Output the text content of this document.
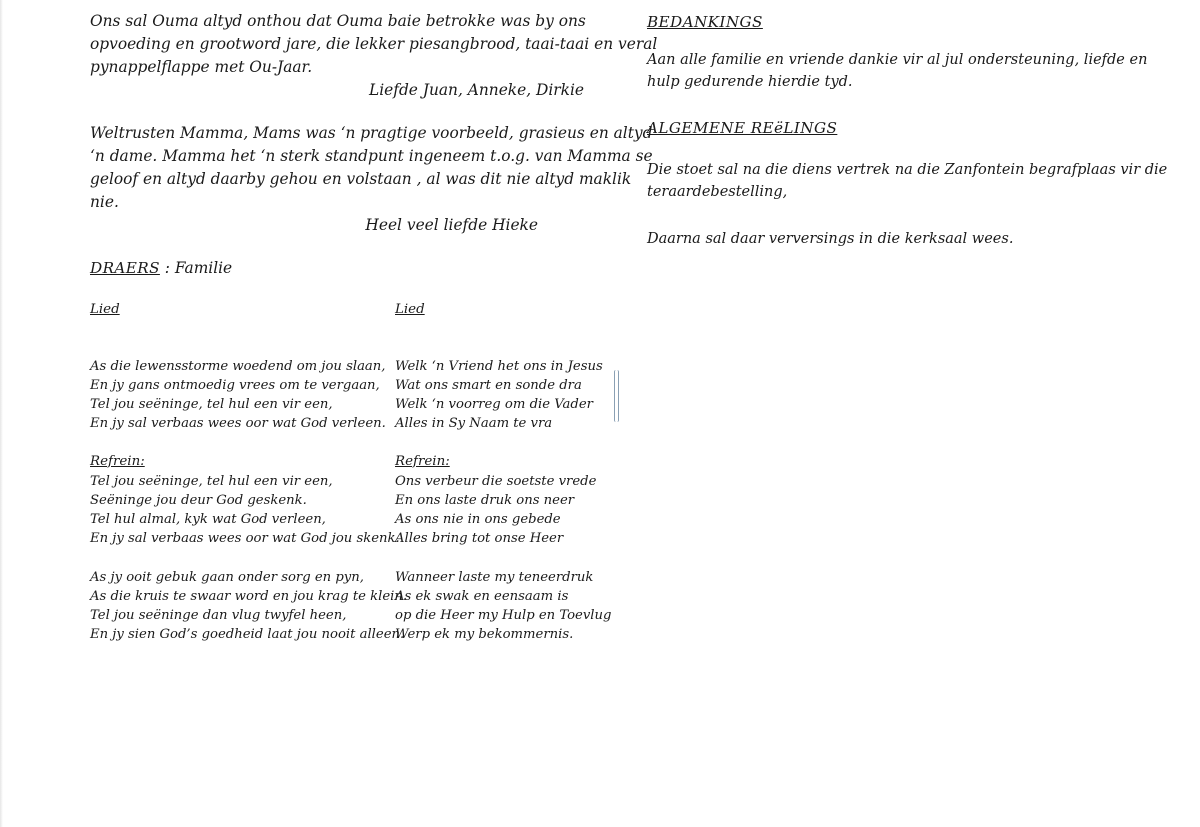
Ons sal Ouma altyd onthou dat Ouma baie betrokke was by ons
opvoeding en grootword jare, die lekker piesangbrood, taai-taai en veral
pynappelflappe met Ou-Jaar.
Liefde Juan, Anneke, Dirkie
Weltrusten Mamma, Mams was ‘n pragtige voorbeeld, grasieus en altyd
‘n dame. Mamma het ‘n sterk standpunt ingeneem t.o.g. van Mamma se
geloof en altyd daarby gehou en volstaan , al was dit nie altyd maklik
nie.
Heel veel liefde Hieke
DRAERS : Familie
Lied
As die lewensstorme woedend om jou slaan,
En jy gans ontmoedig vrees om te vergaan,
Tel jou seëninge, tel hul een vir een,
En jy sal verbaas wees oor wat God verleen.
Refrein:
Tel jou seëninge, tel hul een vir een,
Seëninge jou deur God geskenk.
Tel hul almal, kyk wat God verleen,
En jy sal verbaas wees oor wat God jou skenk.
As jy ooit gebuk gaan onder sorg en pyn,
As die kruis te swaar word en jou krag te klein.
Tel jou seëninge dan vlug twyfel heen,
En jy sien God’s goedheid laat jou nooit alleen.
Lied
Welk ‘n Vriend het ons in Jesus
Wat ons smart en sonde dra
Welk ‘n voorreg om die Vader
Alles in Sy Naam te vra
Refrein:
Ons verbeur die soetste vrede
En ons laste druk ons neer
As ons nie in ons gebede
Alles bring tot onse Heer
Wanneer laste my teneerdruk
As ek swak en eensaam is
op die Heer my Hulp en Toevlug
Werp ek my bekommernis.
BEDANKINGS
Aan alle familie en vriende dankie vir al jul ondersteuning, liefde en
hulp gedurende hierdie tyd.
ALGEMENE REëLINGS
Die stoet sal na die diens vertrek na die Zanfontein begrafplaas vir die
teraardebestelling,
Daarna sal daar verversings in die kerksaal wees.
